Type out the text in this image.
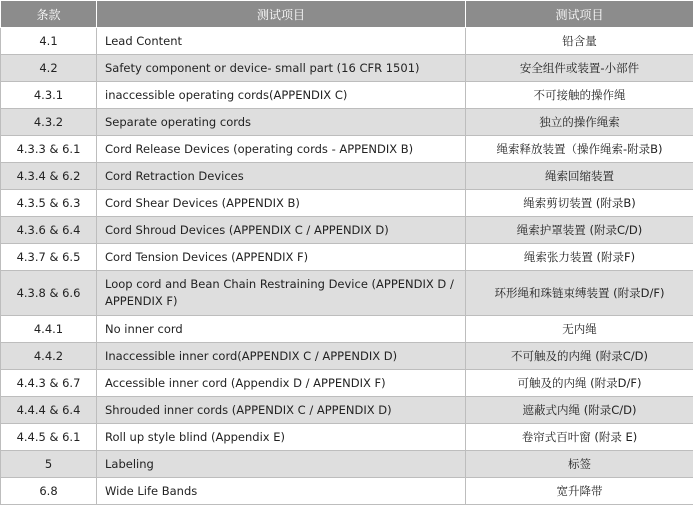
条款	测试项目	测试项目
4.1	Lead Content	铅含量
4.2	Safety component or device- small part (16 CFR 1501)	安全组件或装置-小部件
4.3.1	inaccessible operating cords(APPENDIX C)	不可接触的操作绳
4.3.2	Separate operating cords	独立的操作绳索
4.3.3 & 6.1	Cord Release Devices (operating cords - APPENDIX B)	绳索释放装置（操作绳索-附录B)
4.3.4 & 6.2	Cord Retraction Devices	绳索回缩装置
4.3.5 & 6.3	Cord Shear Devices (APPENDIX B)	绳索剪切装置 (附录B)
4.3.6 & 6.4	Cord Shroud Devices (APPENDIX C / APPENDIX D)	绳索护罩装置 (附录C/D)
4.3.7 & 6.5	Cord Tension Devices (APPENDIX F)	绳索张力装置 (附录F)
4.3.8 & 6.6	Loop cord and Bean Chain Restraining Device (APPENDIX D / APPENDIX F)	环形绳和珠链束缚装置 (附录D/F)
4.4.1	No inner cord	无内绳
4.4.2	Inaccessible inner cord(APPENDIX C / APPENDIX D)	不可触及的内绳 (附录C/D)
4.4.3 & 6.7	Accessible inner cord (Appendix D / APPENDIX F)	可触及的内绳 (附录D/F)
4.4.4 & 6.4	Shrouded inner cords (APPENDIX C / APPENDIX D)	遮蔽式内绳 (附录C/D)
4.4.5 & 6.1	Roll up style blind (Appendix E)	卷帘式百叶窗 (附录 E)
5	Labeling	标签
6.8	Wide Life Bands	宽升降带
